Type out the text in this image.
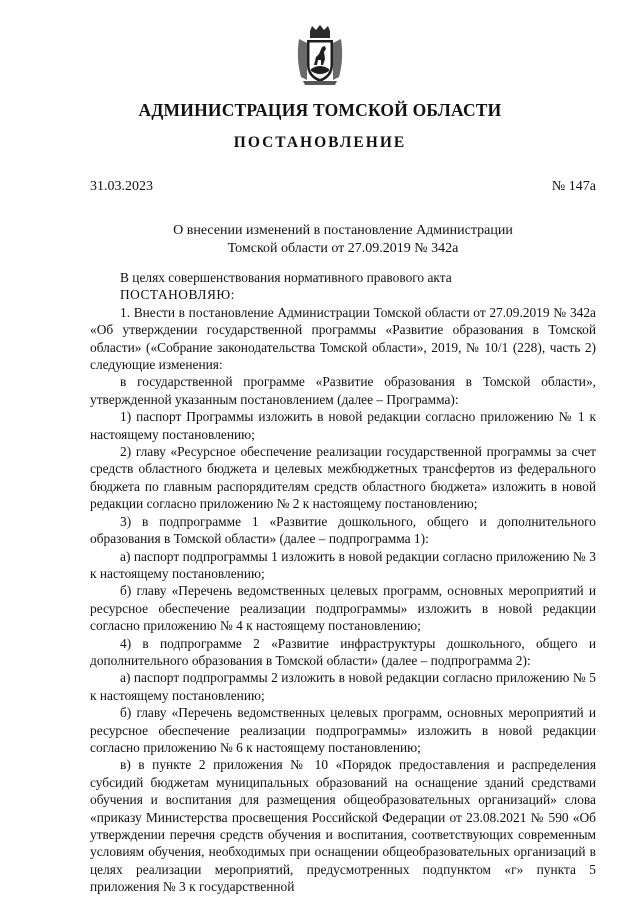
АДМИНИСТРАЦИЯ ТОМСКОЙ ОБЛАСТИ
ПОСТАНОВЛЕНИЕ
31.03.2023	№ 147а
О внесении изменений в постановление Администрации
Томской области от 27.09.2019 № 342а

В целях совершенствования нормативного правового акта

ПОСТАНОВЛЯЮ:

1. Внести в постановление Администрации Томской области от 27.09.2019 № 342а «Об утверждении государственной программы «Развитие образования в Томской области» («Собрание законодательства Томской области», 2019, № 10/1 (228), часть 2) следующие изменения:

в государственной программе «Развитие образования в Томской области», утвержденной указанным постановлением (далее – Программа):

1) паспорт Программы изложить в новой редакции согласно приложению № 1 к настоящему постановлению;

2) главу «Ресурсное обеспечение реализации государственной программы за счет средств областного бюджета и целевых межбюджетных трансфертов из федерального бюджета по главным распорядителям средств областного бюджета» изложить в новой редакции согласно приложению № 2 к настоящему постановлению;

3) в подпрограмме 1 «Развитие дошкольного, общего и дополнительного образования в Томской области» (далее – подпрограмма 1):

а) паспорт подпрограммы 1 изложить в новой редакции согласно приложению № 3 к настоящему постановлению;

б) главу «Перечень ведомственных целевых программ, основных мероприятий и ресурсное обеспечение реализации подпрограммы» изложить в новой редакции согласно приложению № 4 к настоящему постановлению;

4) в подпрограмме 2 «Развитие инфраструктуры дошкольного, общего и дополнительного образования в Томской области» (далее – подпрограмма 2):

а) паспорт подпрограммы 2 изложить в новой редакции согласно приложению № 5 к настоящему постановлению;

б) главу «Перечень ведомственных целевых программ, основных мероприятий и ресурсное обеспечение реализации подпрограммы» изложить в новой редакции согласно приложению № 6 к настоящему постановлению;

в) в пункте 2 приложения № 10 «Порядок предоставления и распределения субсидий бюджетам муниципальных образований на оснащение зданий средствами обучения и воспитания для размещения общеобразовательных организаций» слова «приказу Министерства просвещения Российской Федерации от 23.08.2021 № 590 «Об утверждении перечня средств обучения и воспитания, соответствующих современным условиям обучения, необходимых при оснащении общеобразовательных организаций в целях реализации мероприятий, предусмотренных подпунктом «г» пункта 5 приложения № 3 к государственной
